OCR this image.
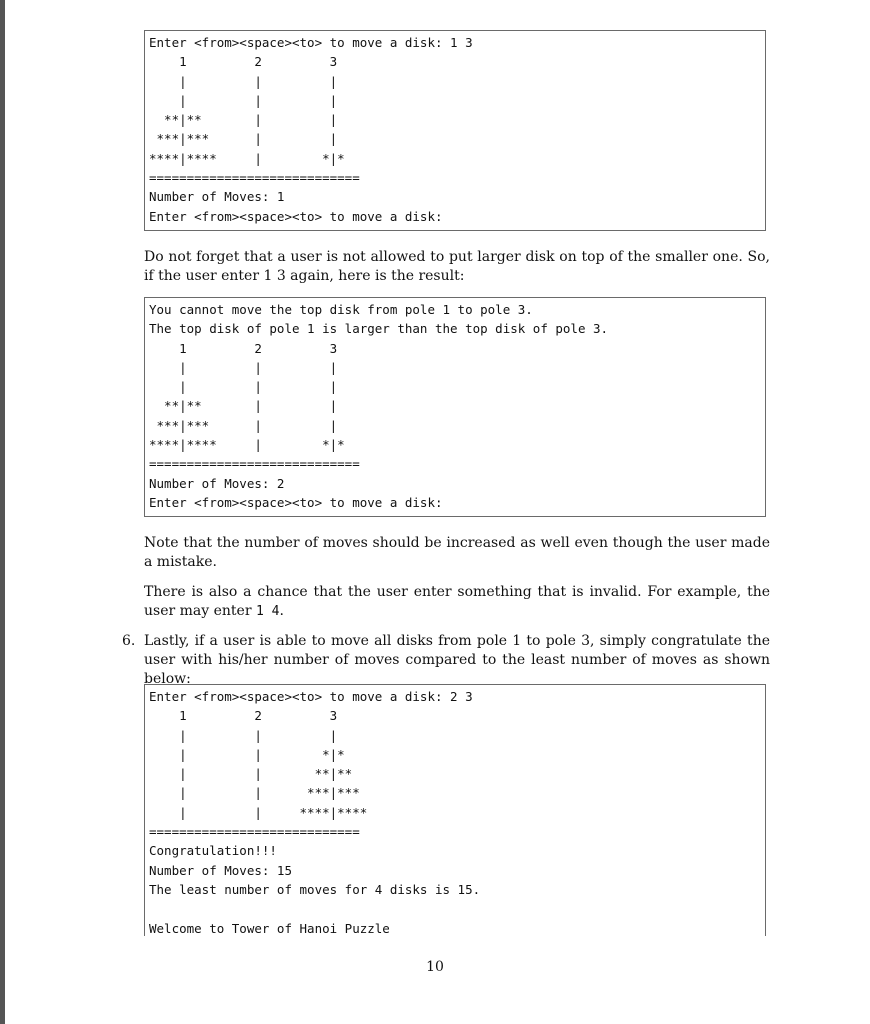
Enter <from><space><to> to move a disk: 1 3
1         2         3
|         |         |
|         |         |
**|**       |         |
***|***      |         |
****|****     |        *|*
============================
Number of Moves: 1
Enter <from><space><to> to move a disk:

Do not forget that a user is not allowed to put larger disk on top of the smaller one. So, if the user enter 1 3 again, here is the result:

You cannot move the top disk from pole 1 to pole 3.
The top disk of pole 1 is larger than the top disk of pole 3.
1         2         3
|         |         |
|         |         |
**|**       |         |
***|***      |         |
****|****     |        *|*
============================
Number of Moves: 2
Enter <from><space><to> to move a disk:

Note that the number of moves should be increased as well even though the user made a mistake.

There is also a chance that the user enter something that is invalid. For example, the user may enter 1 4.

6. Lastly, if a user is able to move all disks from pole 1 to pole 3, simply congratulate the user with his/her number of moves compared to the least number of moves as shown below:

Enter <from><space><to> to move a disk: 2 3
1         2         3
|         |         |
|         |        *|*
|         |       **|**
|         |      ***|***
|         |     ****|****
============================
Congratulation!!!
Number of Moves: 15
The least number of moves for 4 disks is 15.

Welcome to Tower of Hanoi Puzzle
10
